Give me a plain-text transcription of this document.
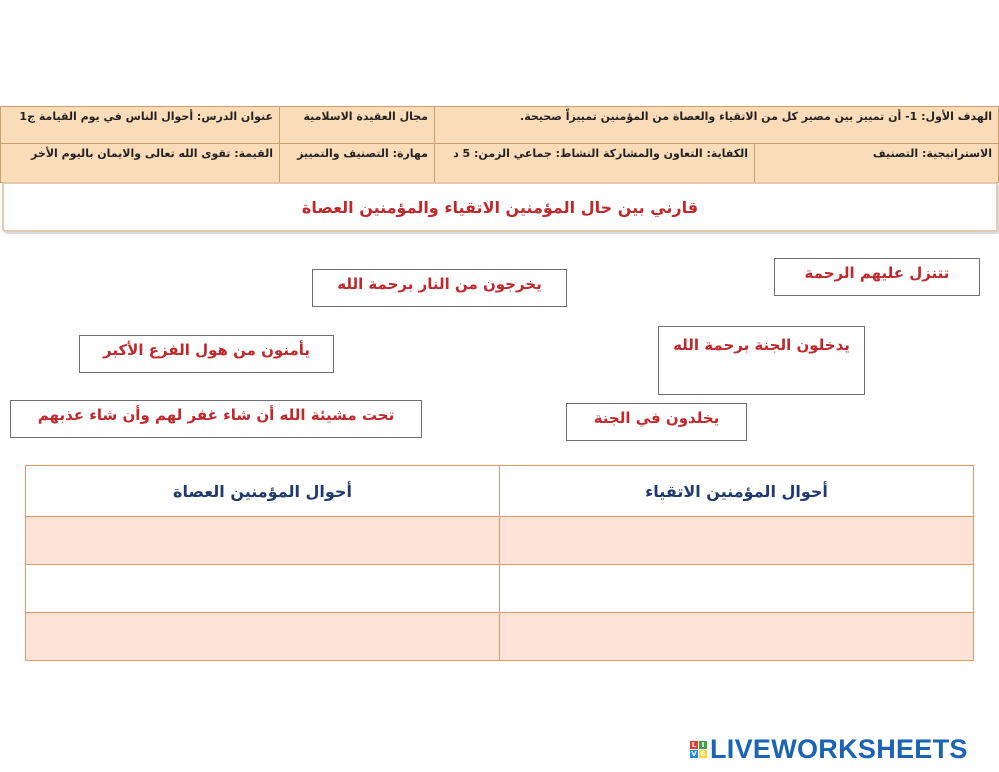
عنوان الدرس: أحوال الناس في يوم القيامة ج1	مجال العقيدة الاسلامية	الهدف الأول: 1- أن تمييز بين مصير كل من الاتقياء والعصاة من المؤمنين تمييزاً صحيحة.
القيمة: تقوى الله تعالى والايمان باليوم الأخر	مهارة: التصنيف والتمييز	الكفاية: التعاون والمشاركة النشاط: جماعي الزمن: 5 د	الاستراتيجية: التصنيف
قارني بين حال المؤمنين الاتقياء والمؤمنين العصاة
تتنزل عليهم الرحمة
يخرجون من النار برحمة الله
يدخلون الجنة برحمة الله
يأمنون من هول الفزع الأكبر
يخلدون في الجنة
تحت مشيئة الله أن شاء غفر لهم وأن شاء عذبهم
أحوال المؤمنين العصاة	أحوال المؤمنين الاتقياء

L I
V E LIVEWORKSHEETS
